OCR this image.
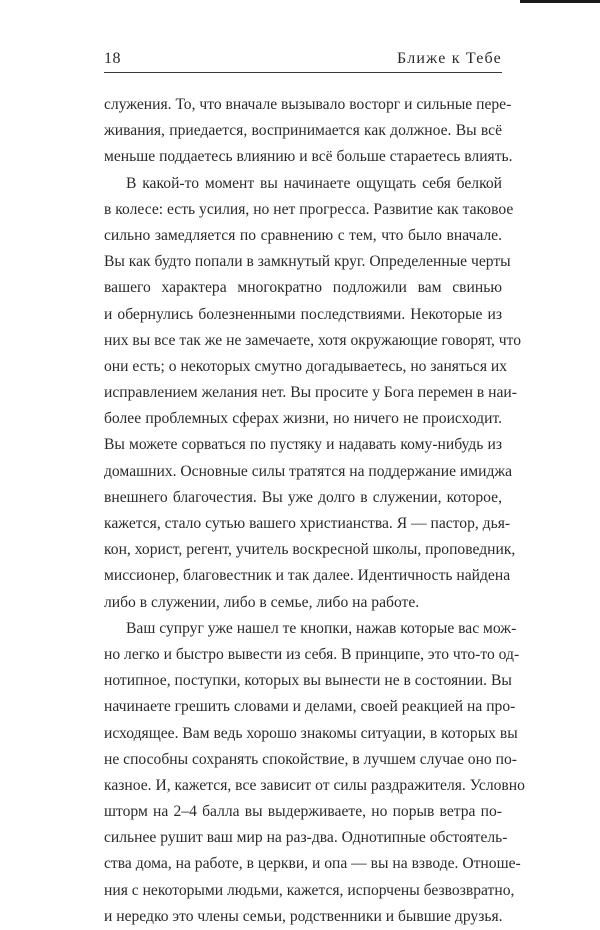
18	Ближе к Тебе
служения. То, что вначале вызывало восторг и сильные пере-
живания, приедается, воспринимается как должное. Вы всё
меньше поддаетесь влиянию и всё больше стараетесь влиять.
В какой-то момент вы начинаете ощущать себя белкой
в колесе: есть усилия, но нет прогресса. Развитие как таковое
сильно замедляется по сравнению с тем, что было вначале.
Вы как будто попали в замкнутый круг. Определенные черты
вашего характера многократно подложили вам свинью
и обернулись болезненными последствиями. Некоторые из
них вы все так же не замечаете, хотя окружающие говорят, что
они есть; о некоторых смутно догадываетесь, но заняться их
исправлением желания нет. Вы просите у Бога перемен в наи-
более проблемных сферах жизни, но ничего не происходит.
Вы можете сорваться по пустяку и надавать кому-нибудь из
домашних. Основные силы тратятся на поддержание имиджа
внешнего благочестия. Вы уже долго в служении, которое,
кажется, стало сутью вашего христианства. Я — пастор, дья-
кон, хорист, регент, учитель воскресной школы, проповедник,
миссионер, благовестник и так далее. Идентичность найдена
либо в служении, либо в семье, либо на работе.
Ваш супруг уже нашел те кнопки, нажав которые вас мож-
но легко и быстро вывести из себя. В принципе, это что-то од-
нотипное, поступки, которых вы вынести не в состоянии. Вы
начинаете грешить словами и делами, своей реакцией на про-
исходящее. Вам ведь хорошо знакомы ситуации, в которых вы
не способны сохранять спокойствие, в лучшем случае оно по-
казное. И, кажется, все зависит от силы раздражителя. Условно
шторм на 2–4 балла вы выдерживаете, но порыв ветра по-
сильнее рушит ваш мир на раз-два. Однотипные обстоятель-
ства дома, на работе, в церкви, и опа — вы на взводе. Отноше-
ния с некоторыми людьми, кажется, испорчены безвозвратно,
и нередко это члены семьи, родственники и бывшие друзья.
